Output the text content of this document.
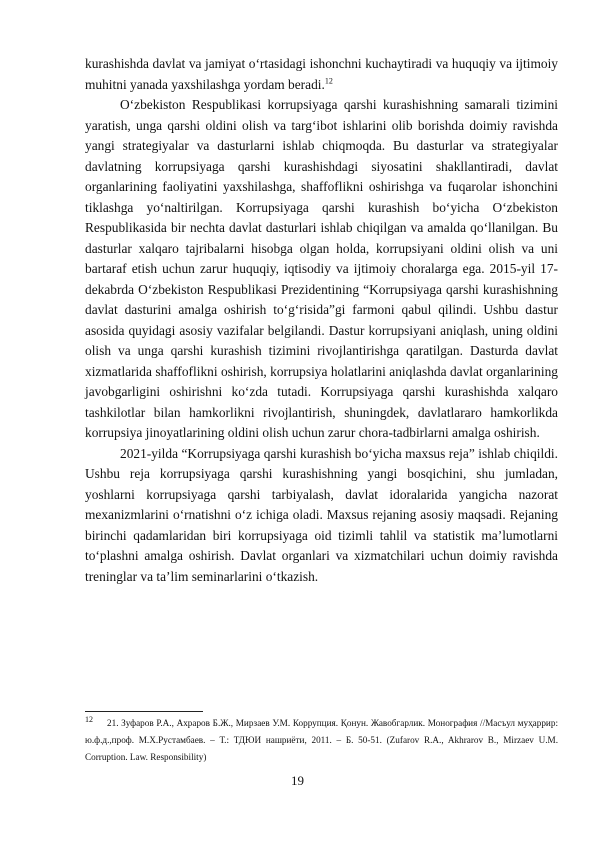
kurashishda davlat va jamiyat o‘rtasidagi ishonchni kuchaytiradi va huquqiy va ijtimoiy muhitni yanada yaxshilashga yordam beradi.$^{12}$

O‘zbekiston Respublikasi korrupsiyaga qarshi kurashishning samarali tizimini yaratish, unga qarshi oldini olish va targ‘ibot ishlarini olib borishda doimiy ravishda yangi strategiyalar va dasturlarni ishlab chiqmoqda. Bu dasturlar va strategiyalar davlatning korrupsiyaga qarshi kurashishdagi siyosatini shakllantiradi, davlat organlarining faoliyatini yaxshilashga, shaffoflikni oshirishga va fuqarolar ishonchini tiklashga yo‘naltirilgan. Korrupsiyaga qarshi kurashish bo‘yicha O‘zbekiston Respublikasida bir nechta davlat dasturlari ishlab chiqilgan va amalda qo‘llanilgan. Bu dasturlar xalqaro tajribalarni hisobga olgan holda, korrupsiyani oldini olish va uni bartaraf etish uchun zarur huquqiy, iqtisodiy va ijtimoiy choralarga ega. 2015-yil 17-dekabrda O‘zbekiston Respublikasi Prezidentining “Korrupsiyaga qarshi kurashishning davlat dasturini amalga oshirish to‘g‘risida”gi farmoni qabul qilindi. Ushbu dastur asosida quyidagi asosiy vazifalar belgilandi. Dastur korrupsiyani aniqlash, uning oldini olish va unga qarshi kurashish tizimini rivojlantirishga qaratilgan. Dasturda davlat xizmatlarida shaffoflikni oshirish, korrupsiya holatlarini aniqlashda davlat organlarining javobgarligini oshirishni ko‘zda tutadi. Korrupsiyaga qarshi kurashishda xalqaro tashkilotlar bilan hamkorlikni rivojlantirish, shuningdek, davlatlararo hamkorlikda korrupsiya jinoyatlarining oldini olish uchun zarur chora-tadbirlarni amalga oshirish.

2021-yilda “Korrupsiyaga qarshi kurashish bo‘yicha maxsus reja” ishlab chiqildi. Ushbu reja korrupsiyaga qarshi kurashishning yangi bosqichini, shu jumladan, yoshlarni korrupsiyaga qarshi tarbiyalash, davlat idoralarida yangicha nazorat mexanizmlarini o‘rnatishni o‘z ichiga oladi. Maxsus rejaning asosiy maqsadi. Rejaning birinchi qadamlaridan biri korrupsiyaga oid tizimli tahlil va statistik ma’lumotlarni to‘plashni amalga oshirish. Davlat organlari va xizmatchilari uchun doimiy ravishda treninglar va ta’lim seminarlarini o‘tkazish.

$^{12}$ 21. Зуфаров Р.А., Ахраров Б.Ж., Мирзаев У.М. Коррупция. Қонун. Жавобгарлик. Монография //Масъул муҳаррир: ю.ф.д.,проф. М.Х.Рустамбаев. – Т.: ТДЮИ нашриёти, 2011. – Б. 50-51. (Zufarov R.A., Akhrarov B., Mirzaev U.M. Corruption. Law. Responsibility)

19
